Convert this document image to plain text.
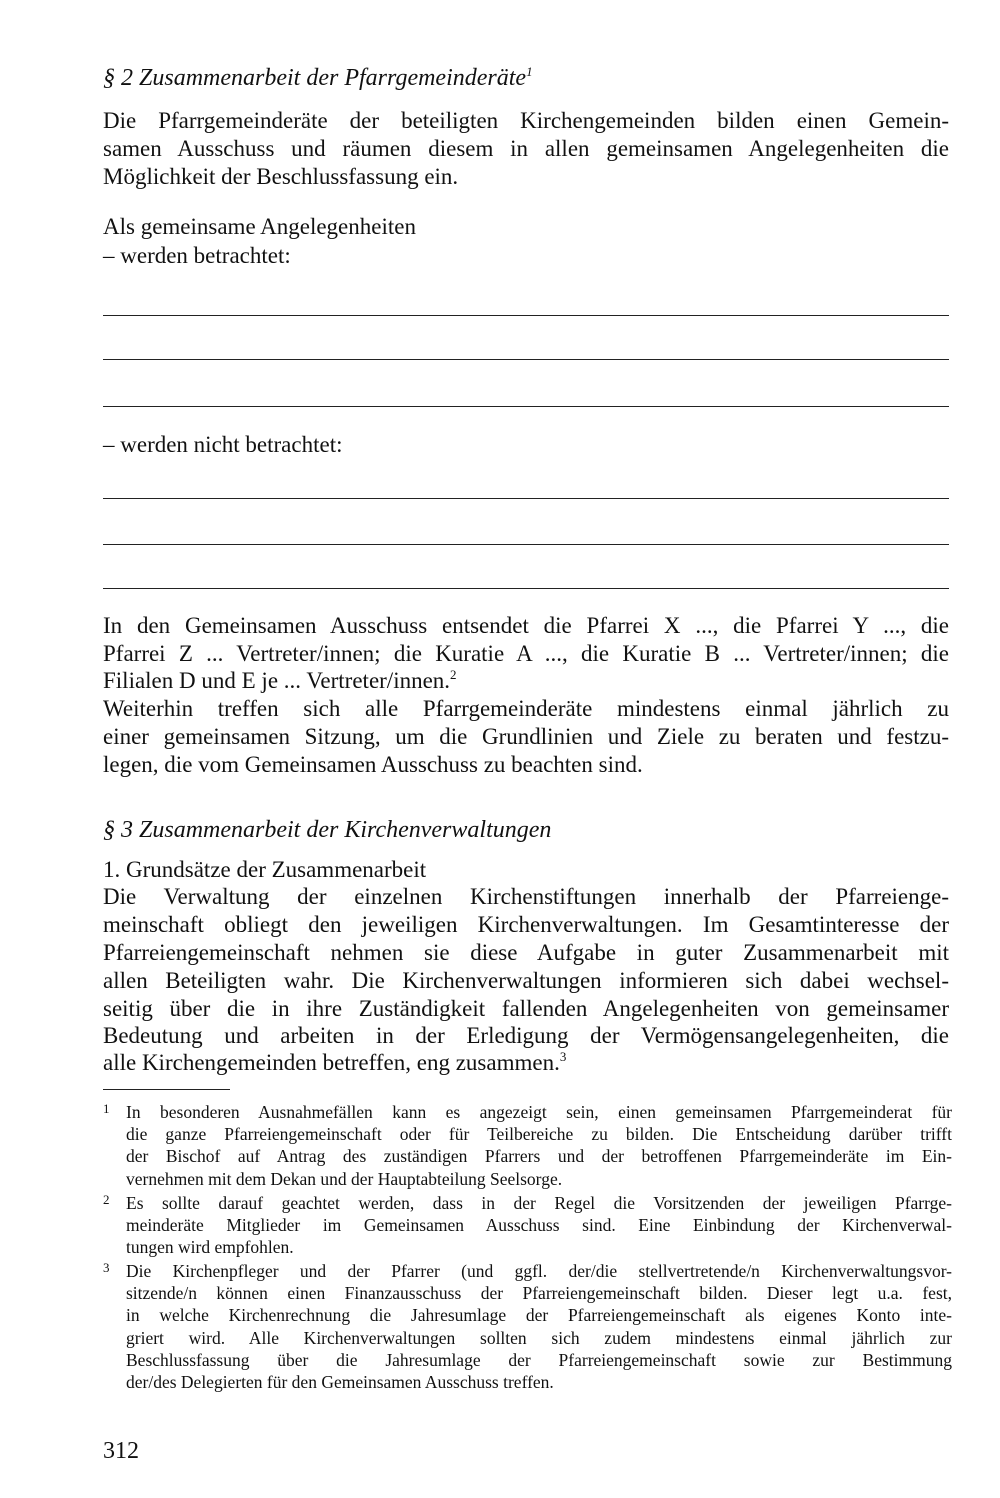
§ 2 Zusammenarbeit der Pfarrgemeinderäte$^1$
Die Pfarrgemeinderäte der beteiligten Kirchengemeinden bilden einen Gemein-
samen Ausschuss und räumen diesem in allen gemeinsamen Angelegenheiten die
Möglichkeit der Beschlussfassung ein.
Als gemeinsame Angelegenheiten
– werden betrachtet:
– werden nicht betrachtet:
In den Gemeinsamen Ausschuss entsendet die Pfarrei X ..., die Pfarrei Y ..., die
Pfarrei Z ... Vertreter/innen; die Kuratie A ..., die Kuratie B ... Vertreter/innen; die
Filialen D und E je ... Vertreter/innen.$^2$
Weiterhin treffen sich alle Pfarrgemeinderäte mindestens einmal jährlich zu
einer gemeinsamen Sitzung, um die Grundlinien und Ziele zu beraten und festzu-
legen, die vom Gemeinsamen Ausschuss zu beachten sind.
§ 3 Zusammenarbeit der Kirchenverwaltungen
1. Grundsätze der Zusammenarbeit
Die Verwaltung der einzelnen Kirchenstiftungen innerhalb der Pfarreienge-
meinschaft obliegt den jeweiligen Kirchenverwaltungen. Im Gesamtinteresse der
Pfarreiengemeinschaft nehmen sie diese Aufgabe in guter Zusammenarbeit mit
allen Beteiligten wahr. Die Kirchenverwaltungen informieren sich dabei wechsel-
seitig über die in ihre Zuständigkeit fallenden Angelegenheiten von gemeinsamer
Bedeutung und arbeiten in der Erledigung der Vermögensangelegenheiten, die
alle Kirchengemeinden betreffen, eng zusammen.$^3$
1 In besonderen Ausnahmefällen kann es angezeigt sein, einen gemeinsamen Pfarrgemeinderat für
die ganze Pfarreiengemeinschaft oder für Teilbereiche zu bilden. Die Entscheidung darüber trifft
der Bischof auf Antrag des zuständigen Pfarrers und der betroffenen Pfarrgemeinderäte im Ein-
vernehmen mit dem Dekan und der Hauptabteilung Seelsorge.
2 Es sollte darauf geachtet werden, dass in der Regel die Vorsitzenden der jeweiligen Pfarrge-
meinderäte Mitglieder im Gemeinsamen Ausschuss sind. Eine Einbindung der Kirchenverwal-
tungen wird empfohlen.
3 Die Kirchenpfleger und der Pfarrer (und ggfl. der/die stellvertretende/n Kirchenverwaltungsvor-
sitzende/n können einen Finanzausschuss der Pfarreiengemeinschaft bilden. Dieser legt u.a. fest,
in welche Kirchenrechnung die Jahresumlage der Pfarreiengemeinschaft als eigenes Konto inte-
griert wird. Alle Kirchenverwaltungen sollten sich zudem mindestens einmal jährlich zur
Beschlussfassung über die Jahresumlage der Pfarreiengemeinschaft sowie zur Bestimmung
der/des Delegierten für den Gemeinsamen Ausschuss treffen.
312
